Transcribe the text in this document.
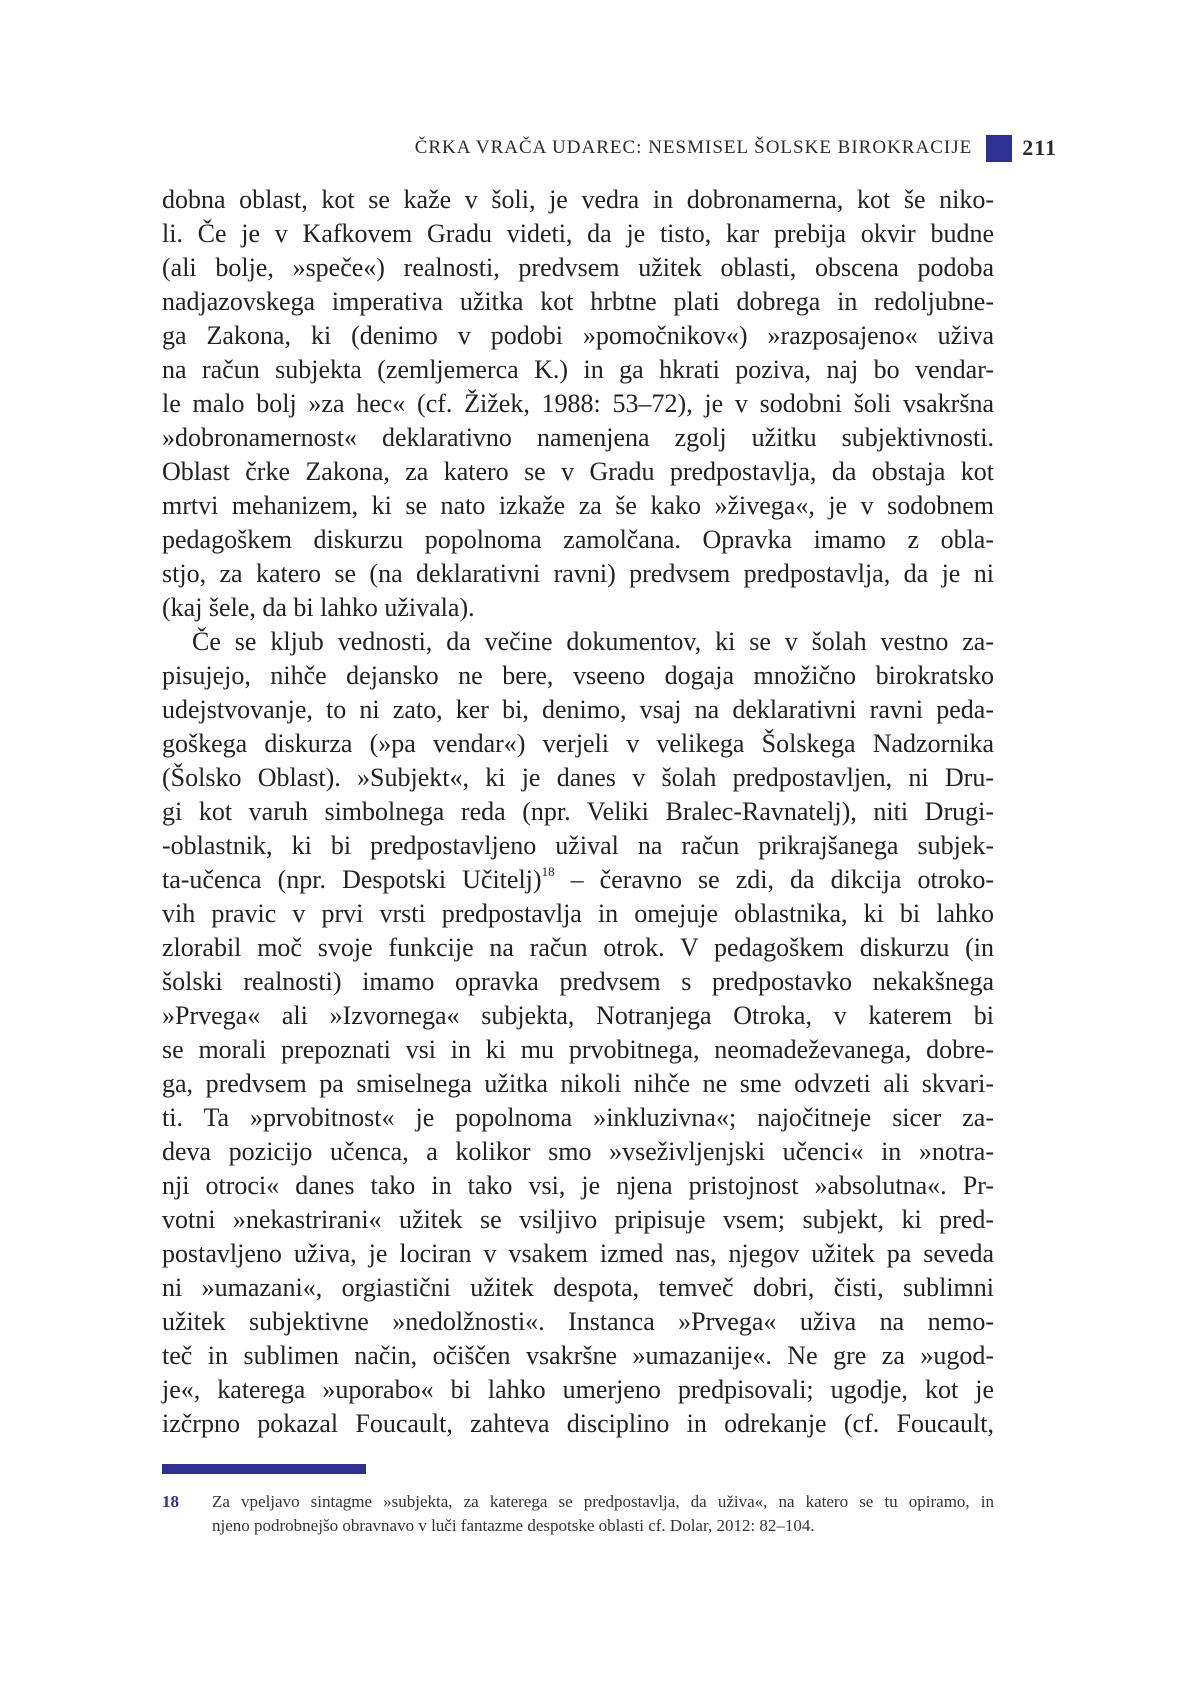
ČRKA VRAČA UDAREC: NESMISEL ŠOLSKE BIROKRACIJE 211

dobna oblast, kot se kaže v šoli, je vedra in dobronamerna, kot še niko-
li. Če je v Kafkovem Gradu videti, da je tisto, kar prebija okvir budne
(ali bolje, »speče«) realnosti, predvsem užitek oblasti, obscena podoba
nadjazovskega imperativa užitka kot hrbtne plati dobrega in redoljubne-
ga Zakona, ki (denimo v podobi »pomočnikov«) »razposajeno« uživa
na račun subjekta (zemljemerca K.) in ga hkrati poziva, naj bo vendar-
le malo bolj »za hec« (cf. Žižek, 1988: 53–72), je v sodobni šoli vsakršna
»dobronamernost« deklarativno namenjena zgolj užitku subjektivnosti.
Oblast črke Zakona, za katero se v Gradu predpostavlja, da obstaja kot
mrtvi mehanizem, ki se nato izkaže za še kako »živega«, je v sodobnem
pedagoškem diskurzu popolnoma zamolčana. Opravka imamo z obla-
stjo, za katero se (na deklarativni ravni) predvsem predpostavlja, da je ni
(kaj šele, da bi lahko uživala).

Če se kljub vednosti, da večine dokumentov, ki se v šolah vestno za-
pisujejo, nihče dejansko ne bere, vseeno dogaja množično birokratsko
udejstvovanje, to ni zato, ker bi, denimo, vsaj na deklarativni ravni peda-
goškega diskurza (»pa vendar«) verjeli v velikega Šolskega Nadzornika
(Šolsko Oblast). »Subjekt«, ki je danes v šolah predpostavljen, ni Dru-
gi kot varuh simbolnega reda (npr. Veliki Bralec-Ravnatelj), niti Drugi-
-oblastnik, ki bi predpostavljeno užival na račun prikrajšanega subjek-
ta-učenca (npr. Despotski Učitelj)$^{18}$ – čeravno se zdi, da dikcija otroko-
vih pravic v prvi vrsti predpostavlja in omejuje oblastnika, ki bi lahko
zlorabil moč svoje funkcije na račun otrok. V pedagoškem diskurzu (in
šolski realnosti) imamo opravka predvsem s predpostavko nekakšnega
»Prvega« ali »Izvornega« subjekta, Notranjega Otroka, v katerem bi
se morali prepoznati vsi in ki mu prvobitnega, neomadeževanega, dobre-
ga, predvsem pa smiselnega užitka nikoli nihče ne sme odvzeti ali skvari-
ti. Ta »prvobitnost« je popolnoma »inkluzivna«; najočitneje sicer za-
deva pozicijo učenca, a kolikor smo »vseživljenjski učenci« in »notra-
nji otroci« danes tako in tako vsi, je njena pristojnost »absolutna«. Pr-
votni »nekastrirani« užitek se vsiljivo pripisuje vsem; subjekt, ki pred-
postavljeno uživa, je lociran v vsakem izmed nas, njegov užitek pa seveda
ni »umazani«, orgiastični užitek despota, temveč dobri, čisti, sublimni
užitek subjektivne »nedolžnosti«. Instanca »Prvega« uživa na nemo-
teč in sublimen način, očiščen vsakršne »umazanije«. Ne gre za »ugod-
je«, katerega »uporabo« bi lahko umerjeno predpisovali; ugodje, kot je
izčrpno pokazal Foucault, zahteva disciplino in odrekanje (cf. Foucault,

18	Za vpeljavo sintagme »subjekta, za katerega se predpostavlja, da uživa«, na katero se tu opiramo, in
njeno podrobnejšo obravnavo v luči fantazme despotske oblasti cf. Dolar, 2012: 82–104.
